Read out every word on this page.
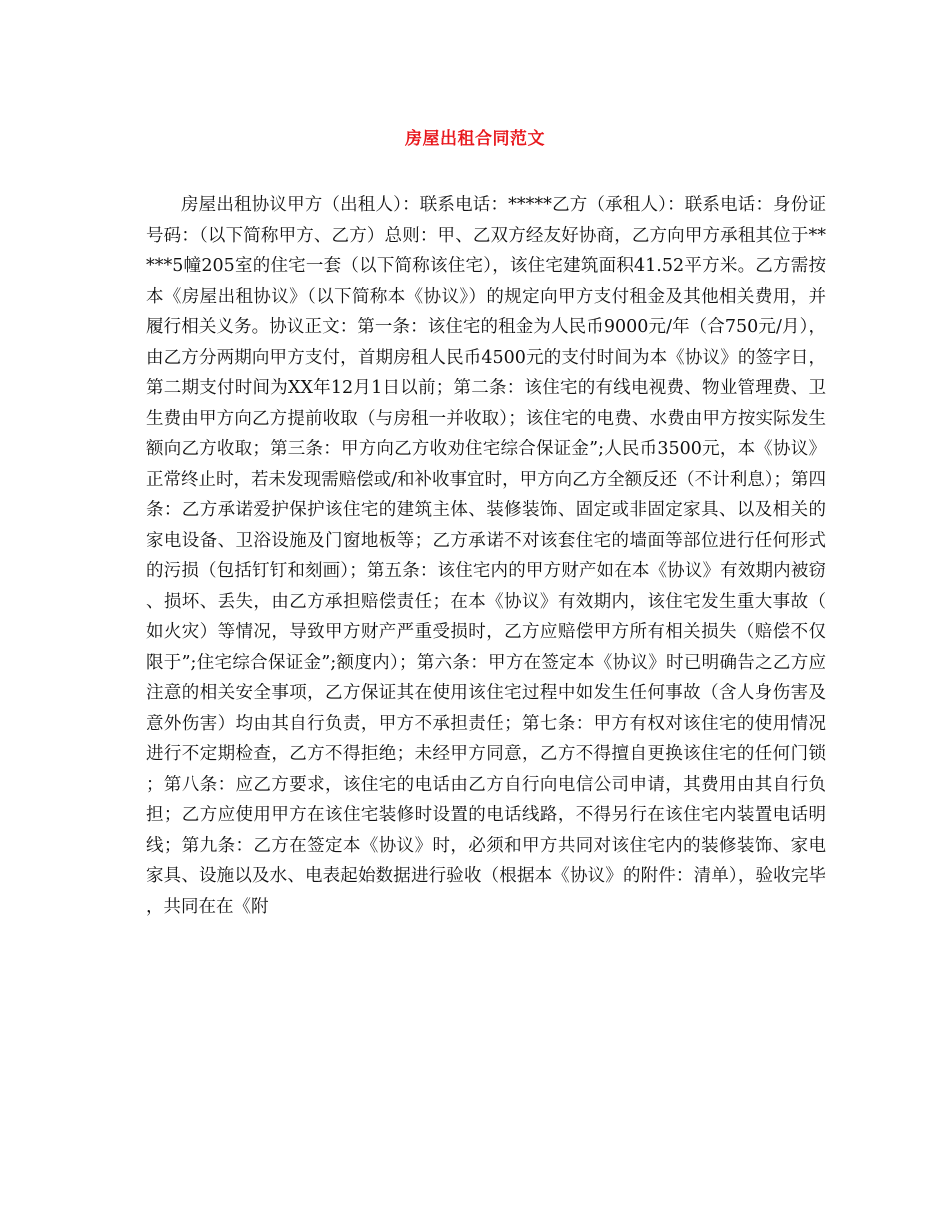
房屋出租合同范文

房屋出租协议甲方（出租人）：联系电话：*****乙方（承租人）：联系电话：身份证号码：（以下简称甲方、乙方）总则：甲、乙双方经友好协商，乙方向甲方承租其位于*****5幢205室的住宅一套（以下简称该住宅），该住宅建筑面积41.52平方米。乙方需按本《房屋出租协议》（以下简称本《协议》）的规定向甲方支付租金及其他相关费用，并履行相关义务。协议正文：第一条：该住宅的租金为人民币9000元/年（合750元/月），由乙方分两期向甲方支付，首期房租人民币4500元的支付时间为本《协议》的签字日，第二期支付时间为XX年12月1日以前；第二条：该住宅的有线电视费、物业管理费、卫生费由甲方向乙方提前收取（与房租一并收取）；该住宅的电费、水费由甲方按实际发生额向乙方收取；第三条：甲方向乙方收劝住宅综合保证金”;人民币3500元，本《协议》正常终止时，若未发现需赔偿或/和补收事宜时，甲方向乙方全额反还（不计利息）；第四条：乙方承诺爱护保护该住宅的建筑主体、装修装饰、固定或非固定家具、以及相关的家电设备、卫浴设施及门窗地板等；乙方承诺不对该套住宅的墙面等部位进行任何形式的污损（包括钉钉和刻画）；第五条：该住宅内的甲方财产如在本《协议》有效期内被窃、损坏、丢失，由乙方承担赔偿责任；在本《协议》有效期内，该住宅发生重大事故（如火灾）等情况，导致甲方财产严重受损时，乙方应赔偿甲方所有相关损失（赔偿不仅限于”;住宅综合保证金”;额度内）；第六条：甲方在签定本《协议》时已明确告之乙方应注意的相关安全事项，乙方保证其在使用该住宅过程中如发生任何事故（含人身伤害及意外伤害）均由其自行负责，甲方不承担责任；第七条：甲方有权对该住宅的使用情况进行不定期检查，乙方不得拒绝；未经甲方同意，乙方不得擅自更换该住宅的任何门锁；第八条：应乙方要求，该住宅的电话由乙方自行向电信公司申请，其费用由其自行负担；乙方应使用甲方在该住宅装修时设置的电话线路，不得另行在该住宅内装置电话明线；第九条：乙方在签定本《协议》时，必须和甲方共同对该住宅内的装修装饰、家电家具、设施以及水、电表起始数据进行验收（根据本《协议》的附件：清单），验收完毕，共同在在《附
